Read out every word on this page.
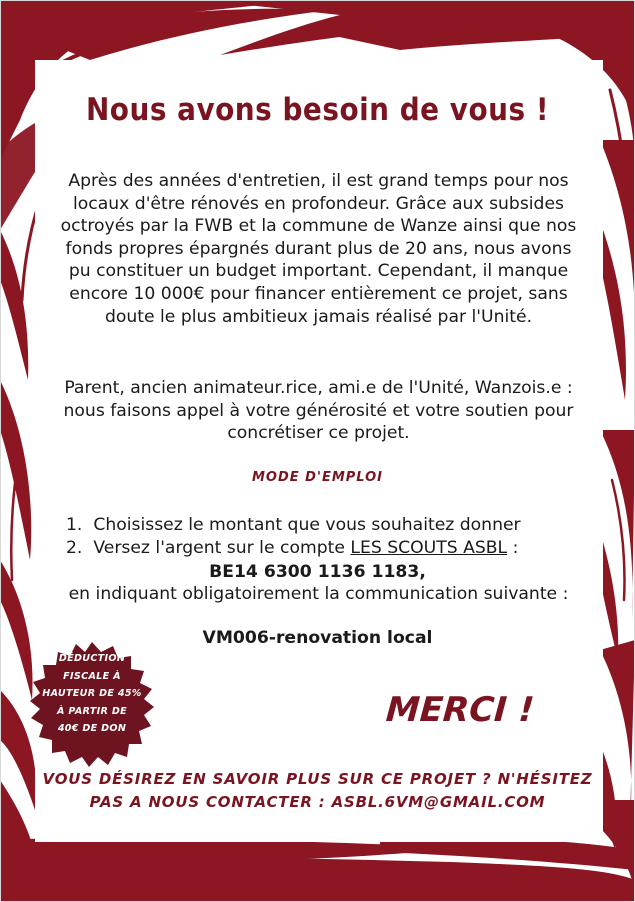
Nous avons besoin de vous !
Après des années d'entretien, il est grand temps pour nos locaux d'être rénovés en profondeur. Grâce aux subsides octroyés par la FWB et la commune de Wanze ainsi que nos fonds propres épargnés durant plus de 20 ans, nous avons pu constituer un budget important. Cependant, il manque encore 10 000€ pour financer entièrement ce projet, sans doute le plus ambitieux jamais réalisé par l'Unité.
Parent, ancien animateur.rice, ami.e de l'Unité, Wanzois.e : nous faisons appel à votre générosité et votre soutien pour concrétiser ce projet.
MODE D'EMPLOI
1. Choisissez le montant que vous souhaitez donner
2. Versez l'argent sur le compte LES SCOUTS ASBL :
BE14 6300 1136 1183,
en indiquant obligatoirement la communication suivante :
VM006-renovation local
DÉDUCTION
FISCALE À
HAUTEUR DE 45%
À PARTIR DE
40€ DE DON	MERCI !
VOUS DÉSIREZ EN SAVOIR PLUS SUR CE PROJET ? N'HÉSITEZ
PAS A NOUS CONTACTER : ASBL.6VM@GMAIL.COM
